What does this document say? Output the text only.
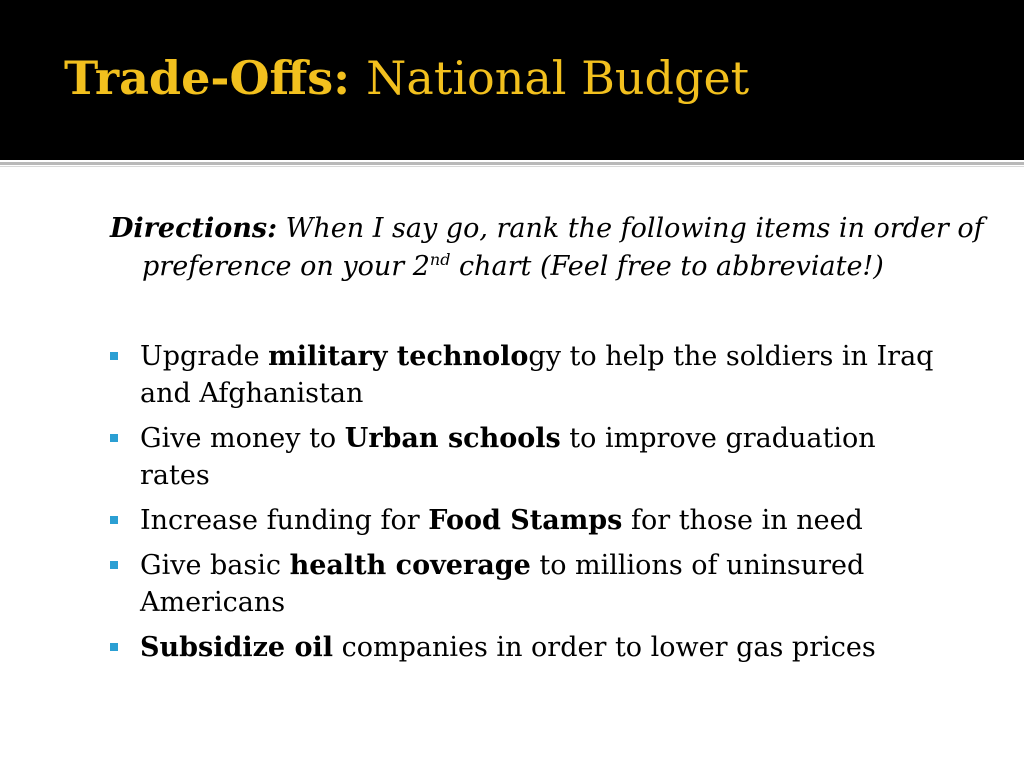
Trade-Offs: National Budget

Directions: When I say go, rank the following items in order of preference on your 2nd chart (Feel free to abbreviate!)

Upgrade military technology to help the soldiers in Iraq and Afghanistan
Give money to Urban schools to improve graduation rates
Increase funding for Food Stamps for those in need
Give basic health coverage to millions of uninsured Americans
Subsidize oil companies in order to lower gas prices
